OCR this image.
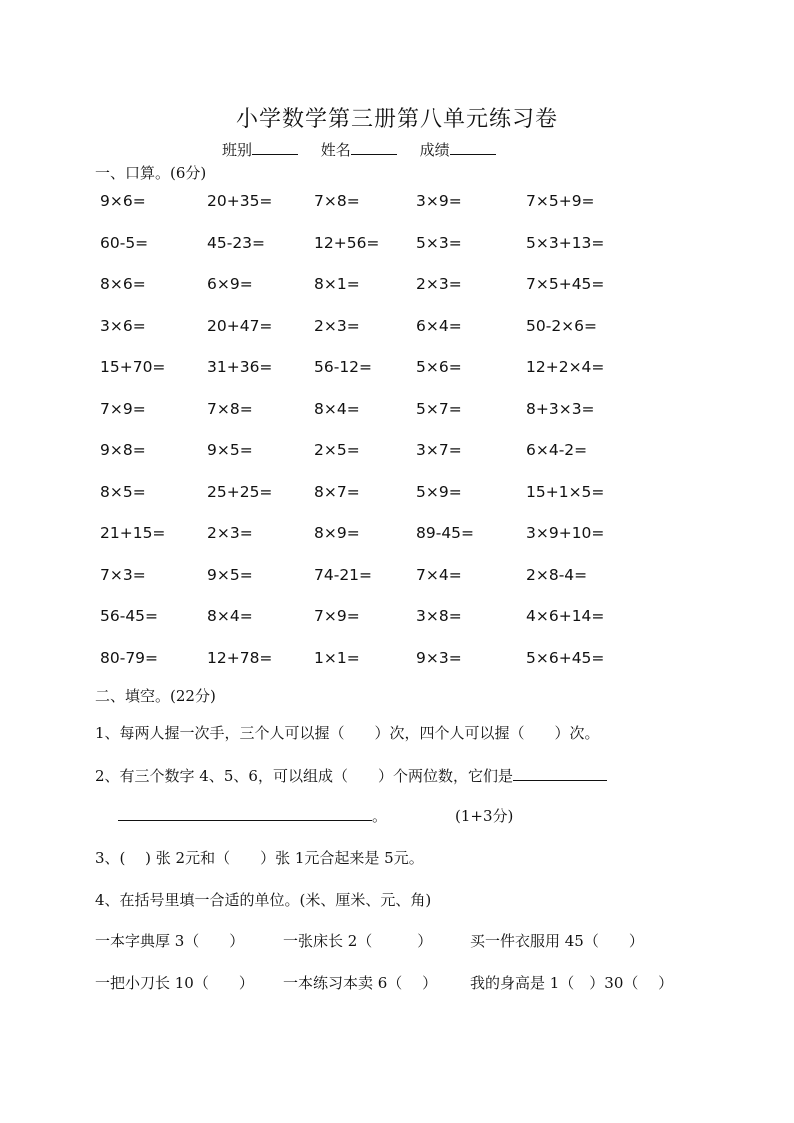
小学数学第三册第八单元练习卷
班别	姓名	成绩
一、口算。(6分)
9×6=	20+35=	7×8=	3×9=	7×5+9=
60-5=	45-23=	12+56= 5×3=	5×3+13=
8×6=	6×9=	8×1=	2×3=	7×5+45=
3×6=	20+47=	2×3=	6×4=	50-2×6=
15+70=	31+36=	56-12=	5×6=	12+2×4=
7×9=	7×8=	8×4=	5×7=	8+3×3=
9×8=	9×5=	2×5=	3×7=	6×4-2=
8×5=	25+25=	8×7=	5×9=	15+1×5=
21+15=	2×3=	8×9=	89-45=	3×9+10=
7×3=	9×5=	74-21=	7×4=	2×8-4=
56-45=	8×4=	7×9=	3×8=	4×6+14=
80-79=	12+78=	1×1=	9×3=	5×6+45=
二、填空。(22分)
1、每两人握一次手，三个人可以握（　　）次，四个人可以握（　　）次。
2、有三个数字 4、5、6，可以组成（　　）个两位数，它们是
。	(1+3分)
3、(　 ) 张 2元和（　　）张 1元合起来是 5元。
4、在括号里填一合适的单位。(米、厘米、元、角)
一本字典厚 3（　　）	一张床长 2（　　　）	买一件衣服用 45（　　）
一把小刀长 10（　　） 一本练习本卖 6（　 ） 我的身高是 1（　）30（　 ）
